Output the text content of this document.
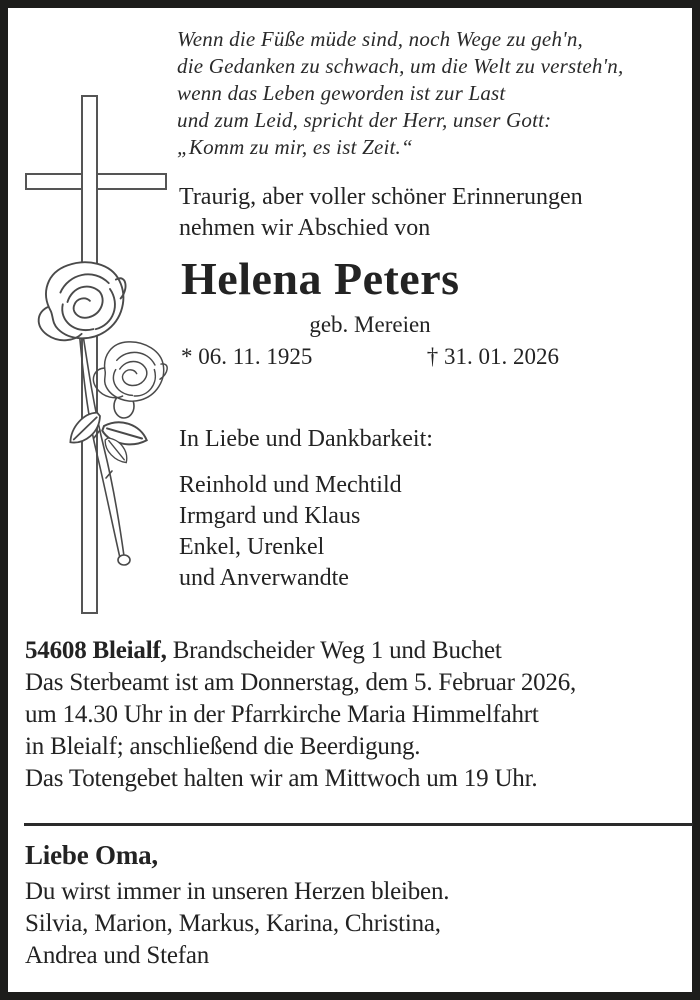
Wenn die Füße müde sind, noch Wege zu geh'n,
die Gedanken zu schwach, um die Welt zu versteh'n,
wenn das Leben geworden ist zur Last
und zum Leid, spricht der Herr, unser Gott:
„Komm zu mir, es ist Zeit.“
Traurig, aber voller schöner Erinnerungen
nehmen wir Abschied von
Helena Peters
geb. Mereien
* 06. 11. 1925	† 31. 01. 2026
In Liebe und Dankbarkeit:
Reinhold und Mechtild
Irmgard und Klaus
Enkel, Urenkel
und Anverwandte
54608 Bleialf, Brandscheider Weg 1 und Buchet
Das Sterbeamt ist am Donnerstag, dem 5. Februar 2026,
um 14.30 Uhr in der Pfarrkirche Maria Himmelfahrt
in Bleialf; anschließend die Beerdigung.
Das Totengebet halten wir am Mittwoch um 19 Uhr.
Liebe Oma,
Du wirst immer in unseren Herzen bleiben.
Silvia, Marion, Markus, Karina, Christina,
Andrea und Stefan
